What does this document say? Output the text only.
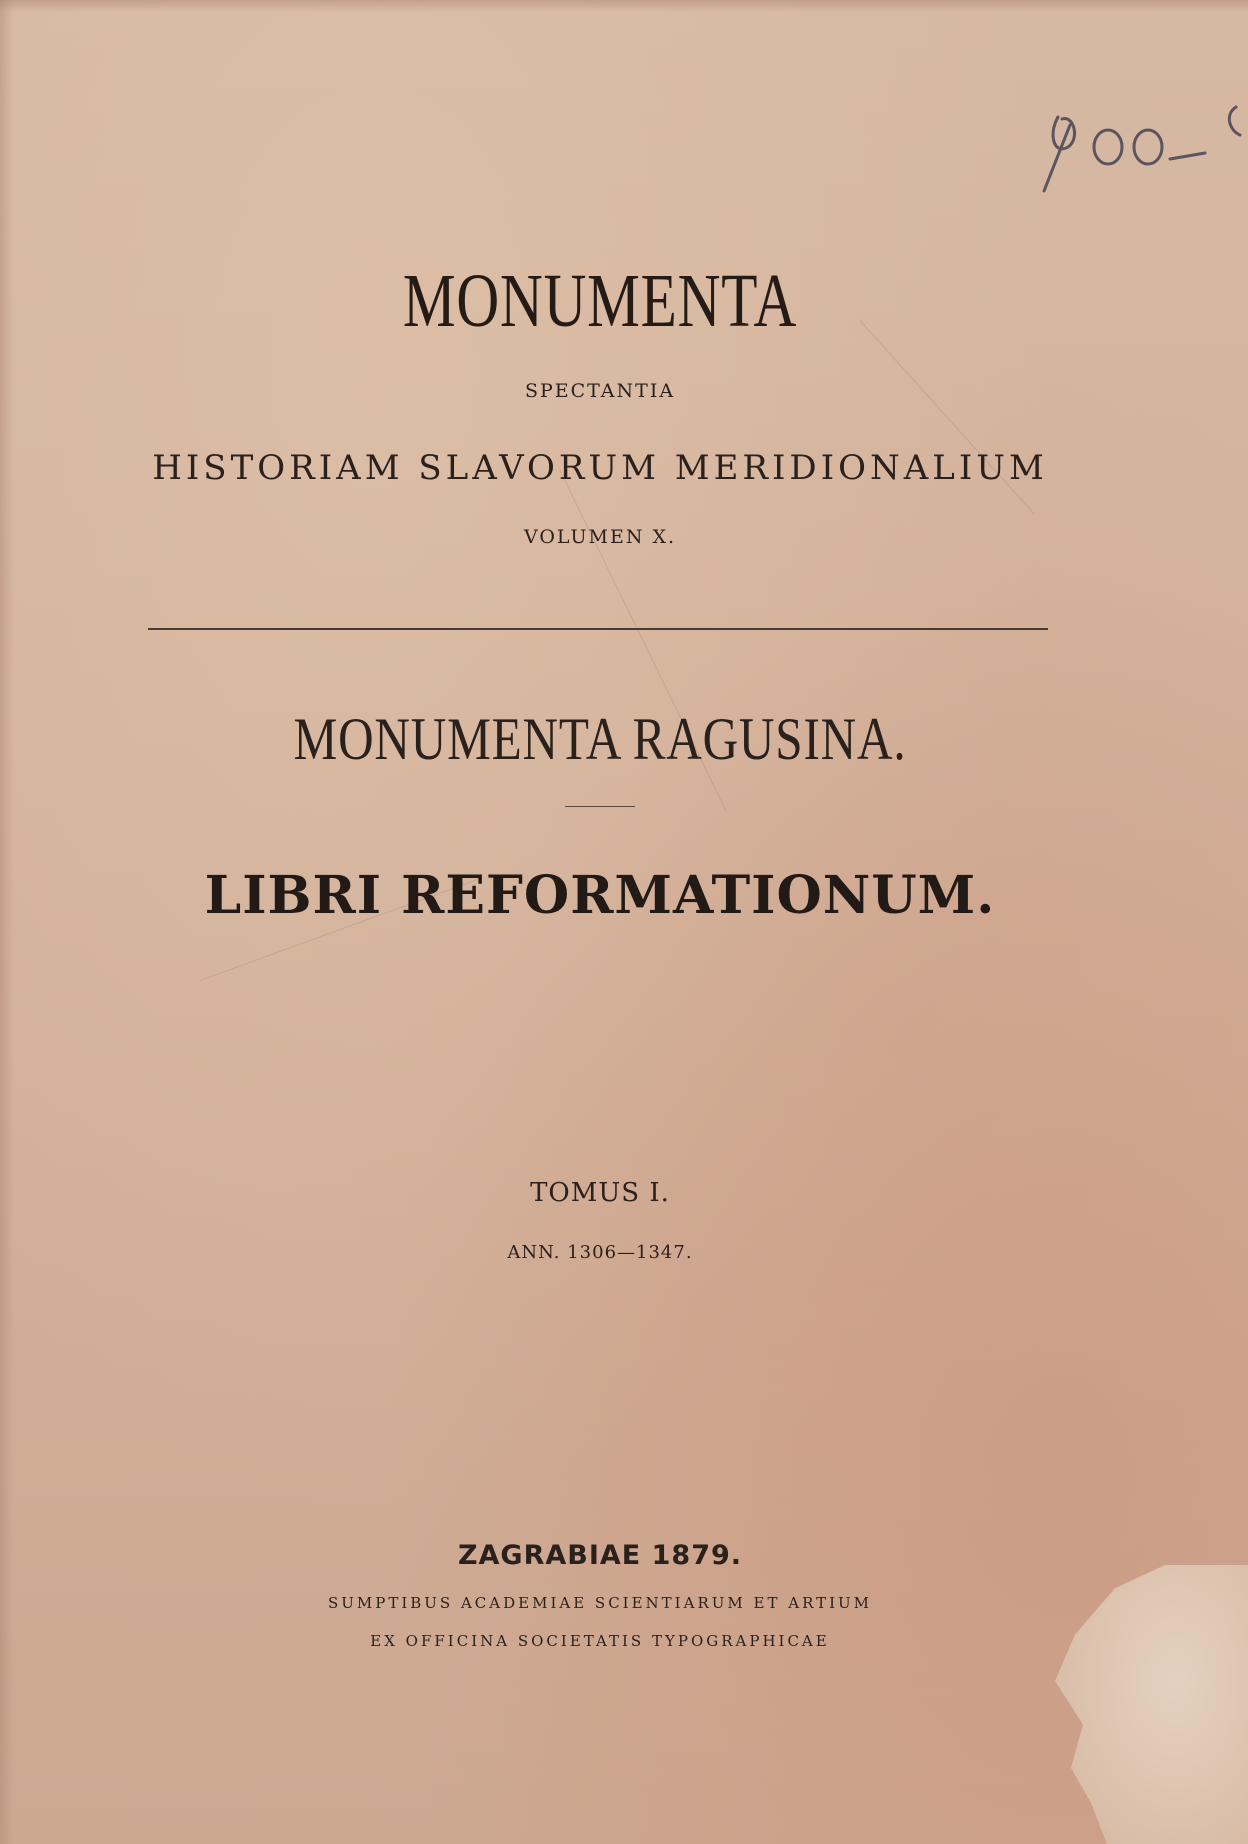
MONUMENTA
SPECTANTIA
HISTORIAM SLAVORUM MERIDIONALIUM
VOLUMEN X.
MONUMENTA RAGUSINA.
LIBRI REFORMATIONUM.
TOMUS I.
ANN. 1306—1347.
ZAGRABIAE 1879.
SUMPTIBUS ACADEMIAE SCIENTIARUM ET ARTIUM
EX OFFICINA SOCIETATIS TYPOGRAPHICAE
